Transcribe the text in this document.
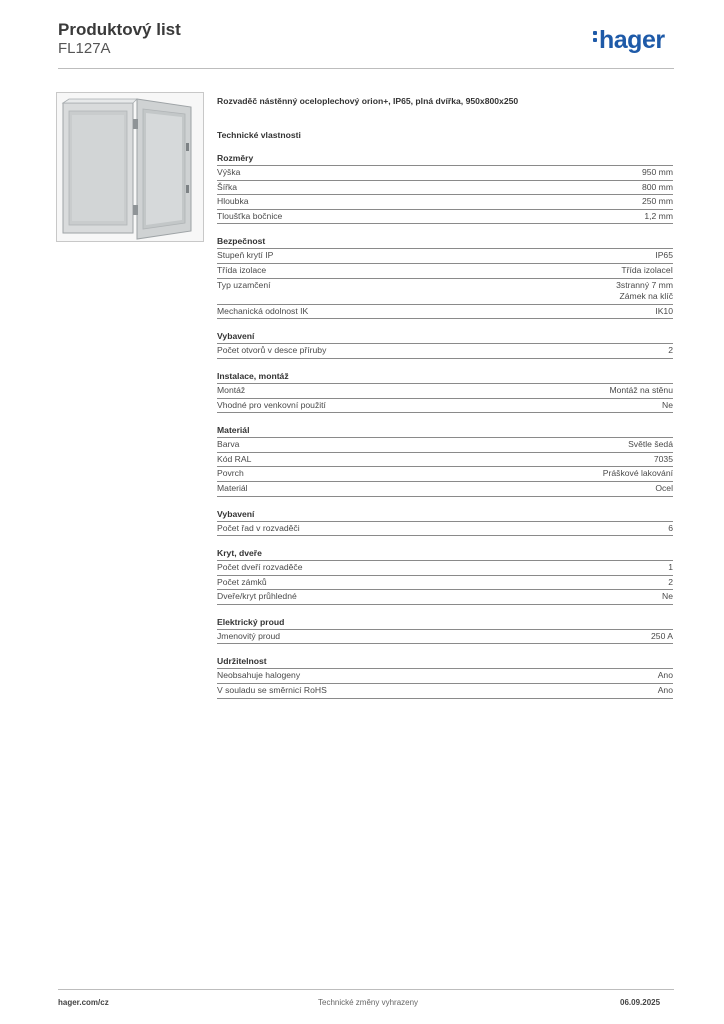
Produktový list
FL127A	hager
Rozvaděč nástěnný oceloplechový orion+, IP65, plná dvířka, 950x800x250
Technické vlastnosti
Rozměry
Výška	950 mm
Šířka	800 mm
Hloubka	250 mm
Tloušťka bočnice	1,2 mm
Bezpečnost
Stupeň krytí IP	IP65
Třída izolace	Třída izolaceI
Typ uzamčení	3stranný 7 mm
Zámek na klíč
Mechanická odolnost IK	IK10
Vybavení
Počet otvorů v desce příruby	2
Instalace, montáž
Montáž	Montáž na stěnu
Vhodné pro venkovní použití	Ne
Materiál
Barva	Světle šedá
Kód RAL	7035
Povrch	Práškové lakování
Materiál	Ocel
Vybavení
Počet řad v rozvaděči	6
Kryt, dveře
Počet dveří rozvaděče	1
Počet zámků	2
Dveře/kryt průhledné	Ne
Elektrický proud
Jmenovitý proud	250 A
Udržitelnost
Neobsahuje halogeny	Ano
V souladu se směrnicí RoHS	Ano
hager.com/cz	Technické změny vyhrazeny	06.09.2025
